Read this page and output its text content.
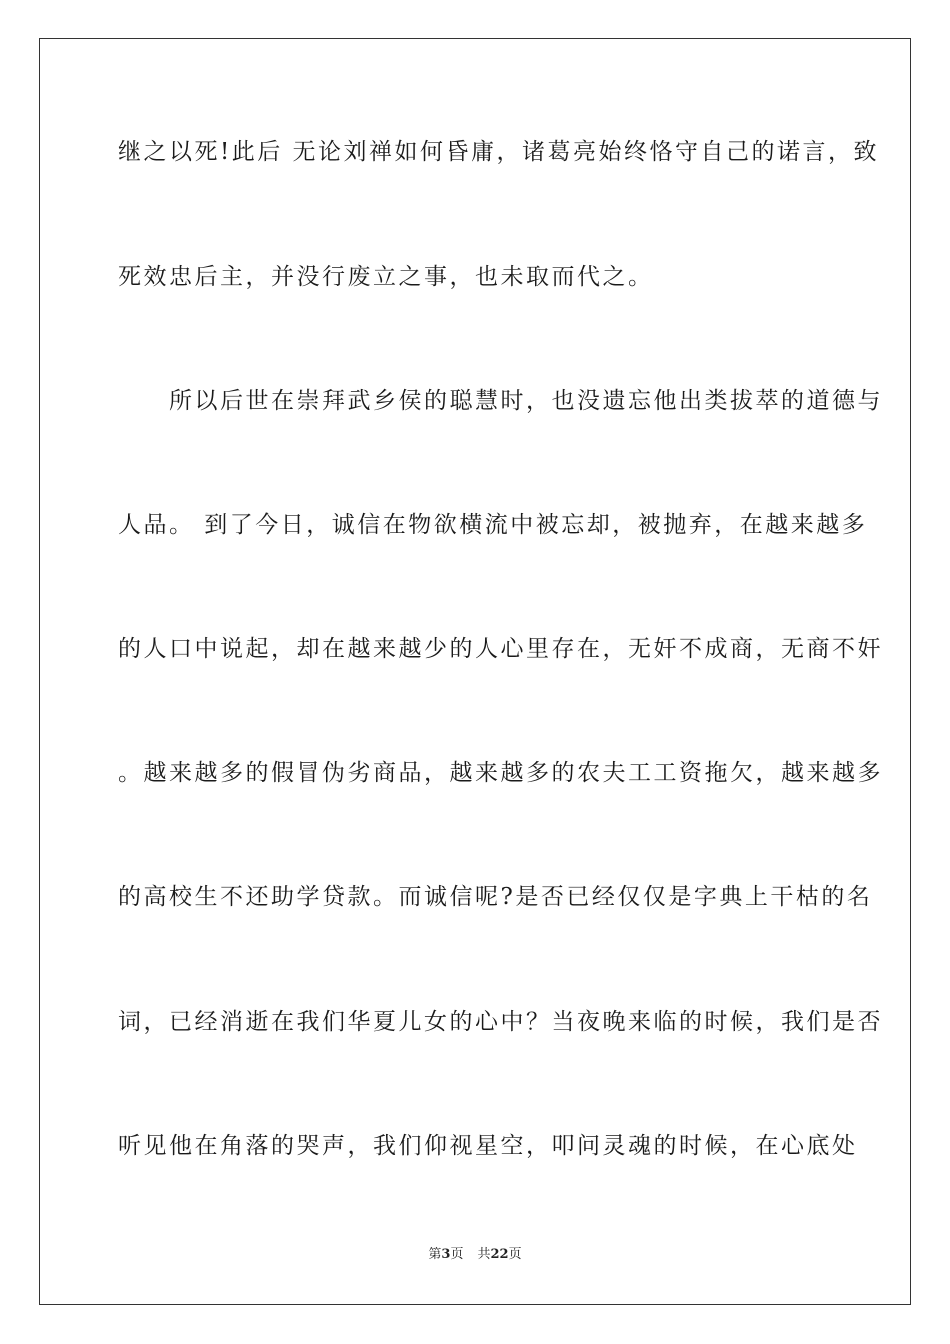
继之以死!此后 无论刘禅如何昏庸，诸葛亮始终恪守自己的诺言，致
死效忠后主，并没行废立之事，也未取而代之。
　　所以后世在崇拜武乡侯的聪慧时，也没遗忘他出类拔萃的道德与
人品。 到了今日，诚信在物欲横流中被忘却，被抛弃，在越来越多
的人口中说起，却在越来越少的人心里存在，无奸不成商，无商不奸
。越来越多的假冒伪劣商品，越来越多的农夫工工资拖欠，越来越多
的高校生不还助学贷款。而诚信呢?是否已经仅仅是字典上干枯的名
词，已经消逝在我们华夏儿女的心中？当夜晚来临的时候，我们是否
听见他在角落的哭声，我们仰视星空，叩问灵魂的时候，在心底处
第3页 共22页
